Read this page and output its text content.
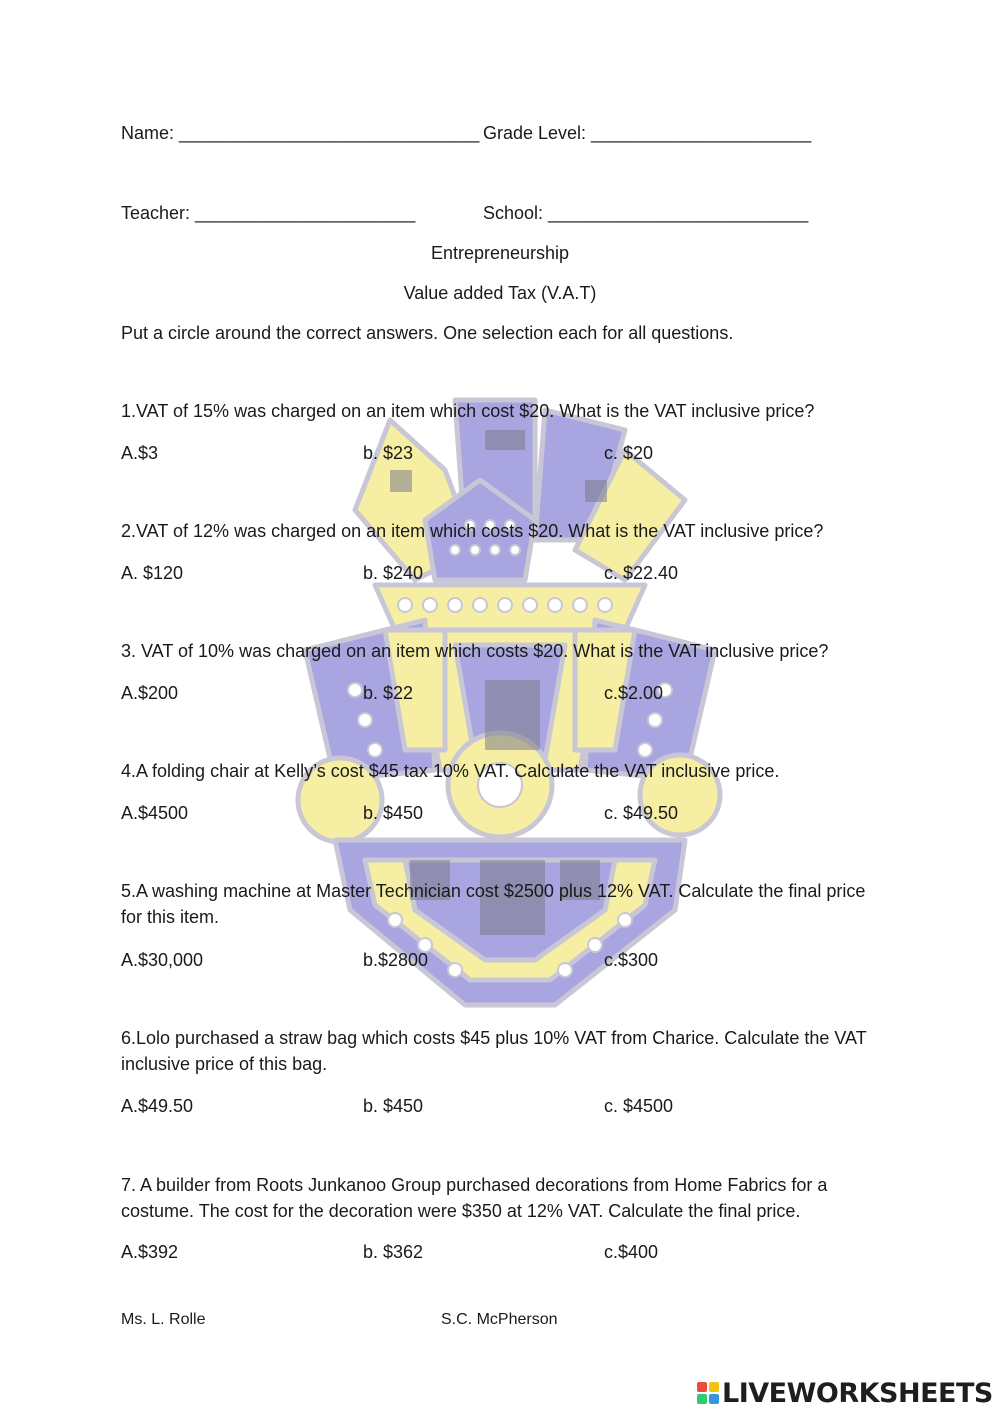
Name: ______________________________ Grade Level: ______________________
Teacher: ______________________	School: __________________________
Entrepreneurship
Value added Tax (V.A.T)
Put a circle around the correct answers. One selection each for all questions.
1.VAT of 15% was charged on an item which cost $20. What is the VAT inclusive price?
A.$3	b. $23	c. $20
2.VAT of 12% was charged on an item which costs $20. What is the VAT inclusive price?
A. $120	b. $240	c. $22.40
3. VAT of 10% was charged on an item which costs $20. What is the VAT inclusive price?
A.$200	b. $22	c.$2.00
4.A folding chair at Kelly’s cost $45 tax 10% VAT. Calculate the VAT inclusive price.
A.$4500	b. $450	c. $49.50
5.A washing machine at Master Technician cost $2500 plus 12% VAT. Calculate the final price for this item.
A.$30,000	b.$2800	c.$300
6.Lolo purchased a straw bag which costs $45 plus 10% VAT from Charice. Calculate the VAT inclusive price of this bag.
A.$49.50	b. $450	c. $4500
7. A builder from Roots Junkanoo Group purchased decorations from Home Fabrics for a costume. The cost for the decoration were $350 at 12% VAT. Calculate the final price.
A.$392	b. $362	c.$400
Ms. L. Rolle	S.C. McPherson
LIVEWORKSHEETS
